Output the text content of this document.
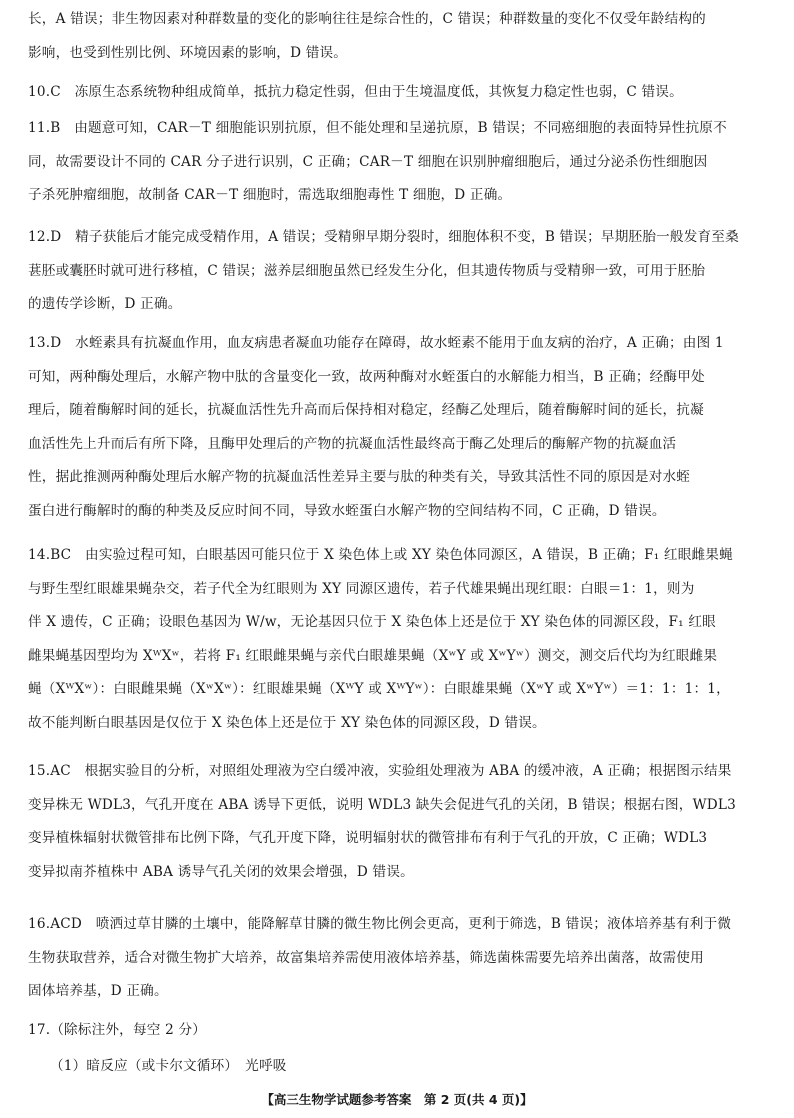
长，A 错误；非生物因素对种群数量的变化的影响往往是综合性的，C 错误；种群数量的变化不仅受年龄结构的
影响，也受到性别比例、环境因素的影响，D 错误。
10.C　冻原生态系统物种组成简单，抵抗力稳定性弱，但由于生境温度低，其恢复力稳定性也弱，C 错误。
11.B　由题意可知，CAR－T 细胞能识别抗原，但不能处理和呈递抗原，B 错误；不同癌细胞的表面特异性抗原不
同，故需要设计不同的 CAR 分子进行识别，C 正确；CAR－T 细胞在识别肿瘤细胞后，通过分泌杀伤性细胞因
子杀死肿瘤细胞，故制备 CAR－T 细胞时，需选取细胞毒性 T 细胞，D 正确。
12.D　精子获能后才能完成受精作用，A 错误；受精卵早期分裂时，细胞体积不变，B 错误；早期胚胎一般发育至桑
葚胚或囊胚时就可进行移植，C 错误；滋养层细胞虽然已经发生分化，但其遗传物质与受精卵一致，可用于胚胎
的遗传学诊断，D 正确。
13.D　水蛭素具有抗凝血作用，血友病患者凝血功能存在障碍，故水蛭素不能用于血友病的治疗，A 正确；由图 1
可知，两种酶处理后，水解产物中肽的含量变化一致，故两种酶对水蛭蛋白的水解能力相当，B 正确；经酶甲处
理后，随着酶解时间的延长，抗凝血活性先升高而后保持相对稳定，经酶乙处理后，随着酶解时间的延长，抗凝
血活性先上升而后有所下降，且酶甲处理后的产物的抗凝血活性最终高于酶乙处理后的酶解产物的抗凝血活
性，据此推测两种酶处理后水解产物的抗凝血活性差异主要与肽的种类有关，导致其活性不同的原因是对水蛭
蛋白进行酶解时的酶的种类及反应时间不同，导致水蛭蛋白水解产物的空间结构不同，C 正确，D 错误。
14.BC　由实验过程可知，白眼基因可能只位于 X 染色体上或 XY 染色体同源区，A 错误，B 正确；F₁ 红眼雌果蝇
与野生型红眼雄果蝇杂交，若子代全为红眼则为 XY 同源区遗传，若子代雄果蝇出现红眼：白眼＝1：1，则为
伴 X 遗传，C 正确；设眼色基因为 W/w，无论基因只位于 X 染色体上还是位于 XY 染色体的同源区段，F₁ 红眼
雌果蝇基因型均为 XᵂXʷ，若将 F₁ 红眼雌果蝇与亲代白眼雄果蝇（XʷY 或 XʷYʷ）测交，测交后代均为红眼雌果
蝇（XᵂXʷ）：白眼雌果蝇（XʷXʷ）：红眼雄果蝇（XᵂY 或 XᵂYʷ）：白眼雄果蝇（XʷY 或 XʷYʷ）＝1：1：1：1，
故不能判断白眼基因是仅位于 X 染色体上还是位于 XY 染色体的同源区段，D 错误。
15.AC　根据实验目的分析，对照组处理液为空白缓冲液，实验组处理液为 ABA 的缓冲液，A 正确；根据图示结果
变异株无 WDL3，气孔开度在 ABA 诱导下更低，说明 WDL3 缺失会促进气孔的关闭，B 错误；根据右图，WDL3
变异植株辐射状微管排布比例下降，气孔开度下降，说明辐射状的微管排布有利于气孔的开放，C 正确；WDL3
变异拟南芥植株中 ABA 诱导气孔关闭的效果会增强，D 错误。
16.ACD　喷洒过草甘膦的土壤中，能降解草甘膦的微生物比例会更高，更利于筛选，B 错误；液体培养基有利于微
生物获取营养，适合对微生物扩大培养，故富集培养需使用液体培养基，筛选菌株需要先培养出菌落，故需使用
固体培养基，D 正确。
17.（除标注外，每空 2 分）
（1）暗反应（或卡尔文循环）　光呼吸
【高三生物学试题参考答案　第 2 页(共 4 页)】
